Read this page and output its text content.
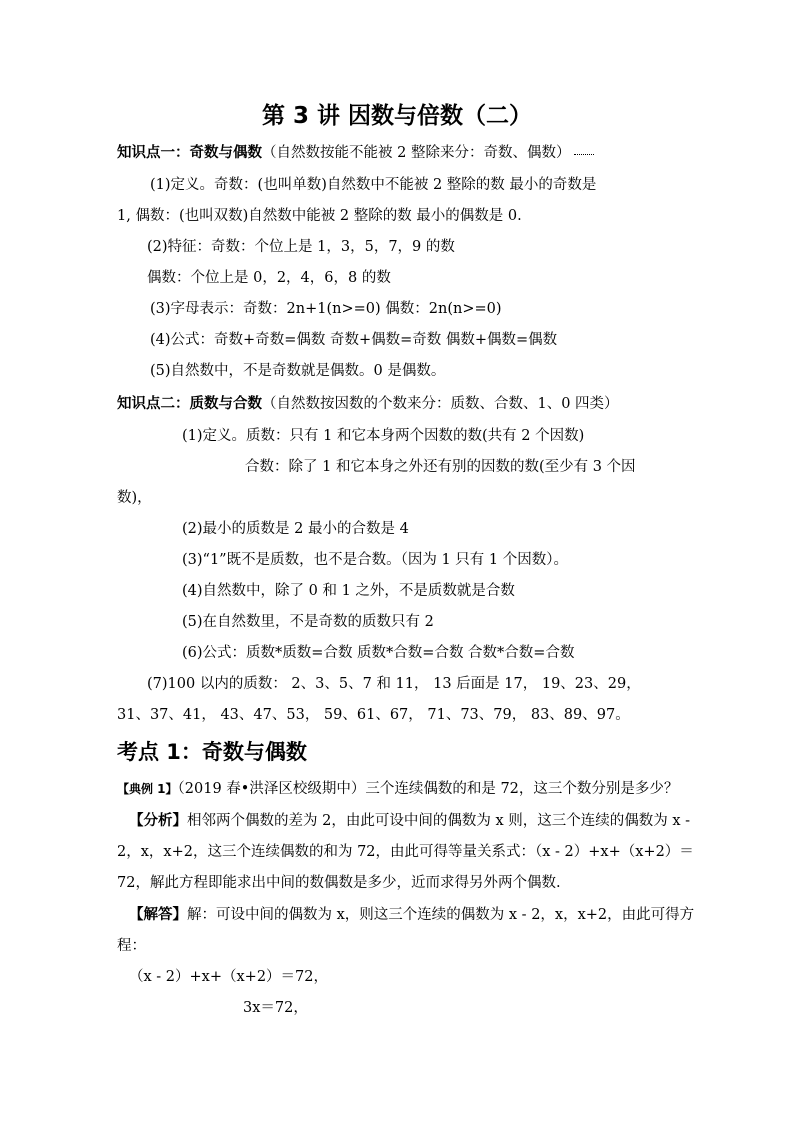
第 3 讲 因数与倍数（二）
知识点一：奇数与偶数（自然数按能不能被 2 整除来分：奇数、偶数）
(1)定义。奇数：(也叫单数)自然数中不能被 2 整除的数 最小的奇数是
1, 偶数：(也叫双数)自然数中能被 2 整除的数 最小的偶数是 0.
(2)特征：奇数：个位上是 1，3，5，7，9 的数
偶数：个位上是 0，2，4，6，8 的数
(3)字母表示：奇数：2n+1(n>=0) 偶数：2n(n>=0)
(4)公式：奇数+奇数=偶数 奇数+偶数=奇数 偶数+偶数=偶数
(5)自然数中，不是奇数就是偶数。0 是偶数。
知识点二：质数与合数（自然数按因数的个数来分：质数、合数、1、0 四类）
(1)定义。质数：只有 1 和它本身两个因数的数(共有 2 个因数)
合数：除了 1 和它本身之外还有别的因数的数(至少有 3 个因
数)，
(2)最小的质数是 2 最小的合数是 4
(3)“1”既不是质数，也不是合数。（因为 1 只有 1 个因数）。
(4)自然数中，除了 0 和 1 之外，不是质数就是合数
(5)在自然数里，不是奇数的质数只有 2
(6)公式：质数*质数=合数 质数*合数=合数 合数*合数=合数
(7)100 以内的质数： 2、3、5、7 和 11， 13 后面是 17， 19、23、29，
31、37、41， 43、47、53， 59、61、67， 71、73、79， 83、89、97。
考点 1：奇数与偶数
【典例 1】（2019 春•洪泽区校级期中）三个连续偶数的和是 72，这三个数分别是多少？
【分析】相邻两个偶数的差为 2，由此可设中间的偶数为 x 则，这三个连续的偶数为 x -
2，x，x+2，这三个连续偶数的和为 72，由此可得等量关系式：（x - 2）+x+（x+2）＝
72，解此方程即能求出中间的数偶数是多少，近而求得另外两个偶数.
【解答】解：可设中间的偶数为 x，则这三个连续的偶数为 x - 2，x，x+2，由此可得方
程：
（x - 2）+x+（x+2）＝72，
3x＝72，
